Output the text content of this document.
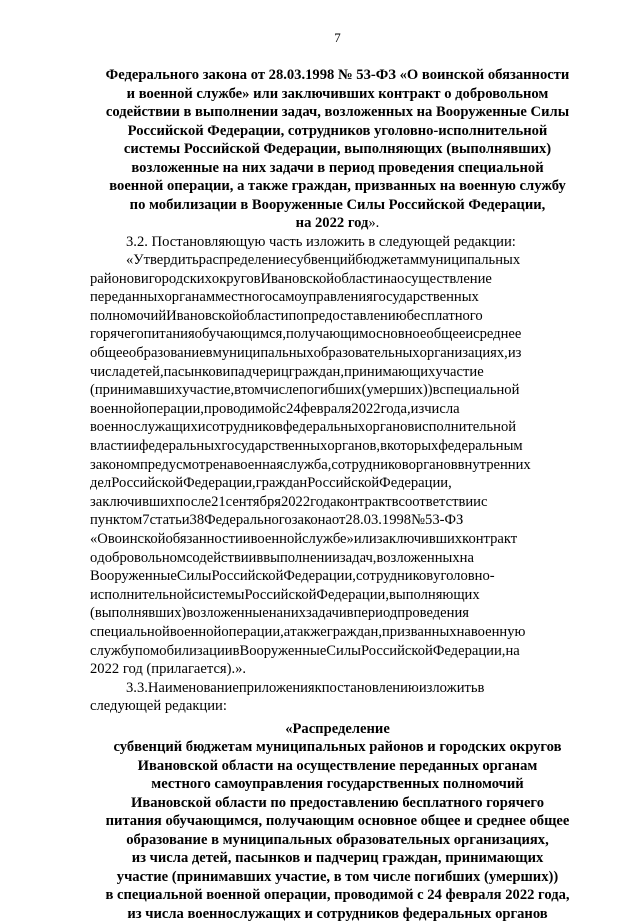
7
Федерального закона от 28.03.1998 № 53-ФЗ «О воинской обязанности
и военной службе» или заключивших контракт о добровольном
содействии в выполнении задач, возложенных на Вооруженные Силы
Российской Федерации, сотрудников уголовно-исполнительной
системы Российской Федерации, выполняющих (выполнявших)
возложенные на них задачи в период проведения специальной
военной операции, а также граждан, призванных на военную службу
по мобилизации в Вооруженные Силы Российской Федерации,
на 2022 год».
3.2. Постановляющую часть изложить в следующей редакции:
«Утвердитьраспределениесубвенцийбюджетаммуниципальных
районовигородскихокруговИвановскойобластинаосуществление
переданныхорганамместногосамоуправлениягосударственных
полномочийИвановскойобластипопредоставлениюбесплатного
горячегопитанияобучающимся,получающимосновноеобщееисреднее
общееобразованиевмуниципальныхобразовательныхорганизациях,из
числадетей,пасынковипадчерицграждан,принимающихучастие
(принимавшихучастие,втомчислепогибших(умерших))вспециальной
военнойоперации,проводимойс24февраля2022года,изчисла
военнослужащихисотрудниковфедеральныхоргановисполнительной
властиифедеральныхгосударственныхорганов,вкоторыхфедеральным
закономпредусмотренавоеннаяслужба,сотрудниковоргановвнутренних
делРоссийскойФедерации,гражданРоссийскойФедерации,
заключившихпосле21сентября2022годаконтрактвсоответствиис
пунктом7статьи38Федеральногозаконаот28.03.1998№53-ФЗ
«Овоинскойобязанностиивоеннойслужбе»илизаключившихконтракт
одобровольномсодействииввыполнениизадач,возложенныхна
ВооруженныеСилыРоссийскойФедерации,сотрудниковуголовно-
исполнительнойсистемыРоссийскойФедерации,выполняющих
(выполнявших)возложенныенанихзадачивпериодпроведения
специальнойвоеннойоперации,атакжеграждан,призванныхнавоенную
службупомобилизациивВооруженныеСилыРоссийскойФедерации,на
2022 год (прилагается).».
3.3.Наименованиеприложениякпостановлениюизложитьв
следующей редакции:
«Распределение
субвенций бюджетам муниципальных районов и городских округов
Ивановской области на осуществление переданных органам
местного самоуправления государственных полномочий
Ивановской области по предоставлению бесплатного горячего
питания обучающимся, получающим основное общее и среднее общее
образование в муниципальных образовательных организациях,
из числа детей, пасынков и падчериц граждан, принимающих
участие (принимавших участие, в том числе погибших (умерших))
в специальной военной операции, проводимой с 24 февраля 2022 года,
из числа военнослужащих и сотрудников федеральных органов
